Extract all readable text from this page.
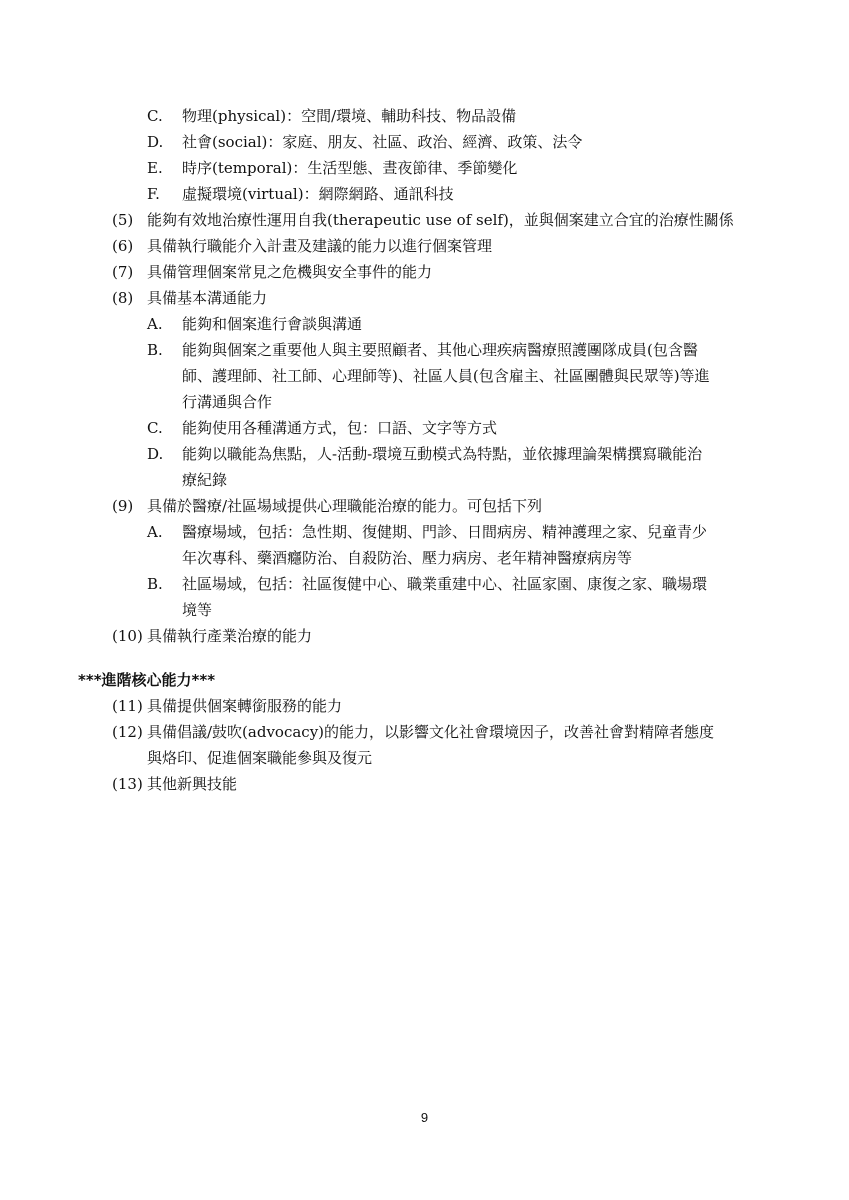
C. 物理(physical)：空間/環境、輔助科技、物品設備
D. 社會(social)：家庭、朋友、社區、政治、經濟、政策、法令
E. 時序(temporal)：生活型態、晝夜節律、季節變化
F. 虛擬環境(virtual)：網際網路、通訊科技
(5) 能夠有效地治療性運用自我(therapeutic use of self)，並與個案建立合宜的治療性關係
(6) 具備執行職能介入計畫及建議的能力以進行個案管理
(7) 具備管理個案常見之危機與安全事件的能力
(8) 具備基本溝通能力
A. 能夠和個案進行會談與溝通
B. 能夠與個案之重要他人與主要照顧者、其他心理疾病醫療照護團隊成員(包含醫
師、護理師、社工師、心理師等)、社區人員(包含雇主、社區團體與民眾等)等進
行溝通與合作
C. 能夠使用各種溝通方式，包：口語、文字等方式
D. 能夠以職能為焦點，人-活動-環境互動模式為特點，並依據理論架構撰寫職能治
療紀錄
(9) 具備於醫療/社區場域提供心理職能治療的能力。可包括下列
A. 醫療場域，包括：急性期、復健期、門診、日間病房、精神護理之家、兒童青少
年次專科、藥酒癮防治、自殺防治、壓力病房、老年精神醫療病房等
B. 社區場域，包括：社區復健中心、職業重建中心、社區家園、康復之家、職場環
境等
(10) 具備執行產業治療的能力
***進階核心能力***
(11) 具備提供個案轉銜服務的能力
(12) 具備倡議/鼓吹(advocacy)的能力，以影響文化社會環境因子，改善社會對精障者態度
與烙印、促進個案職能參與及復元
(13) 其他新興技能
9
